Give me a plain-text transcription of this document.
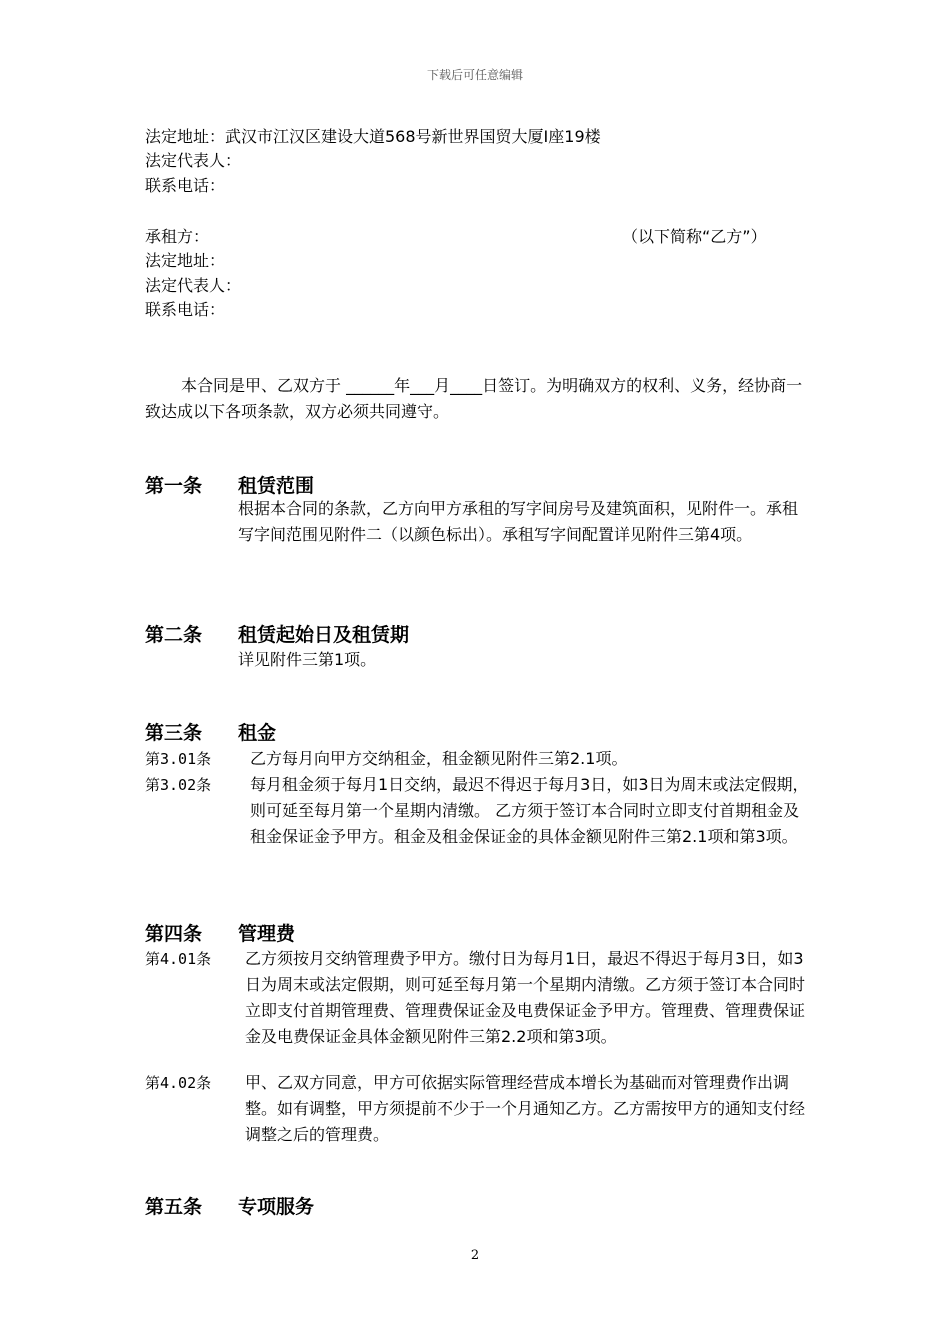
下载后可任意编辑
法定地址：武汉市江汉区建设大道568号新世界国贸大厦Ⅰ座19楼
法定代表人：
联系电话：
承租方：	（以下简称“乙方”）
法定地址：
法定代表人：
联系电话：
本合同是甲、乙双方于 ______年___月____日签订。为明确双方的权利、义务，经协商一致达成以下各项条款，双方必须共同遵守。
第一条 租赁范围
根据本合同的条款，乙方向甲方承租的写字间房号及建筑面积，见附件一。承租写字间范围见附件二（以颜色标出）。承租写字间配置详见附件三第4项。
第二条 租赁起始日及租赁期
详见附件三第1项。
第三条 租金
第3.01条	乙方每月向甲方交纳租金，租金额见附件三第2.1项。
第3.02条	每月租金须于每月1日交纳，最迟不得迟于每月3日，如3日为周末或法定假期，则可延至每月第一个星期内清缴。 乙方须于签订本合同时立即支付首期租金及租金保证金予甲方。租金及租金保证金的具体金额见附件三第2.1项和第3项。
第四条 管理费
第4.01条	乙方须按月交纳管理费予甲方。缴付日为每月1日，最迟不得迟于每月3日，如3日为周末或法定假期，则可延至每月第一个星期内清缴。乙方须于签订本合同时立即支付首期管理费、管理费保证金及电费保证金予甲方。管理费、管理费保证金及电费保证金具体金额见附件三第2.2项和第3项。
第4.02条	甲、乙双方同意，甲方可依据实际管理经营成本增长为基础而对管理费作出调整。如有调整，甲方须提前不少于一个月通知乙方。乙方需按甲方的通知支付经调整之后的管理费。
第五条 专项服务
2
